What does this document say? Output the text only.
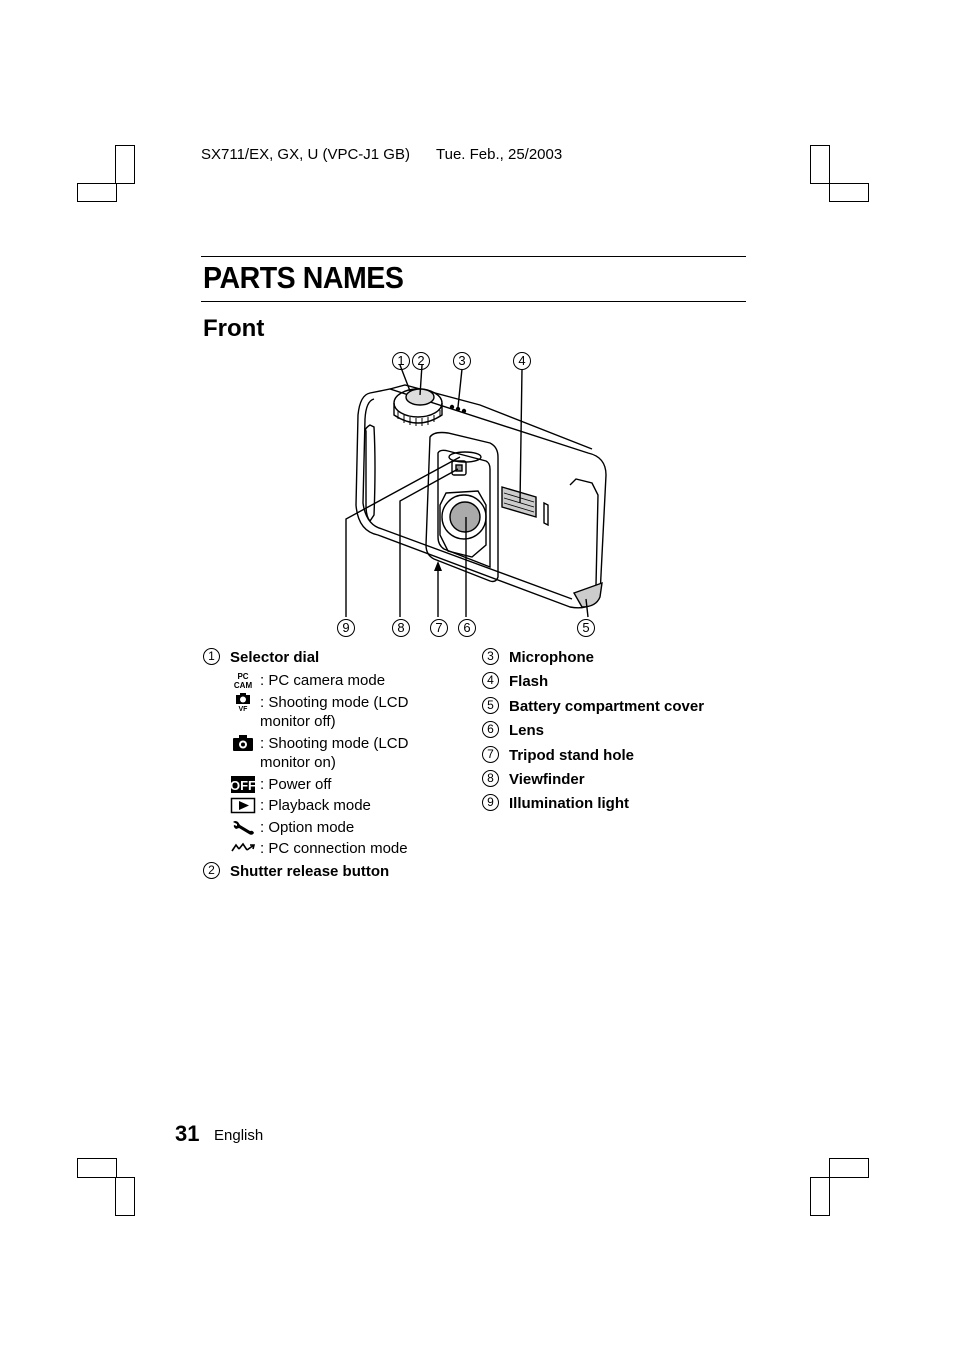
SX711/EX, GX, U (VPC-J1 GB) Tue. Feb., 25/2003
PARTS NAMES
Front
1 2	3	4
9	8	7	6	5
1 Selector dial
PC
CAM : PC camera mode
VF : Shooting mode (LCD monitor off)
: Shooting mode (LCD monitor on)
OFF : Power off
: Playback mode
: Option mode
: PC connection mode
2 Shutter release button
3 Microphone
4 Flash
5 Battery compartment cover
6 Lens
7 Tripod stand hole
8 Viewfinder
9 Illumination light
31 English
